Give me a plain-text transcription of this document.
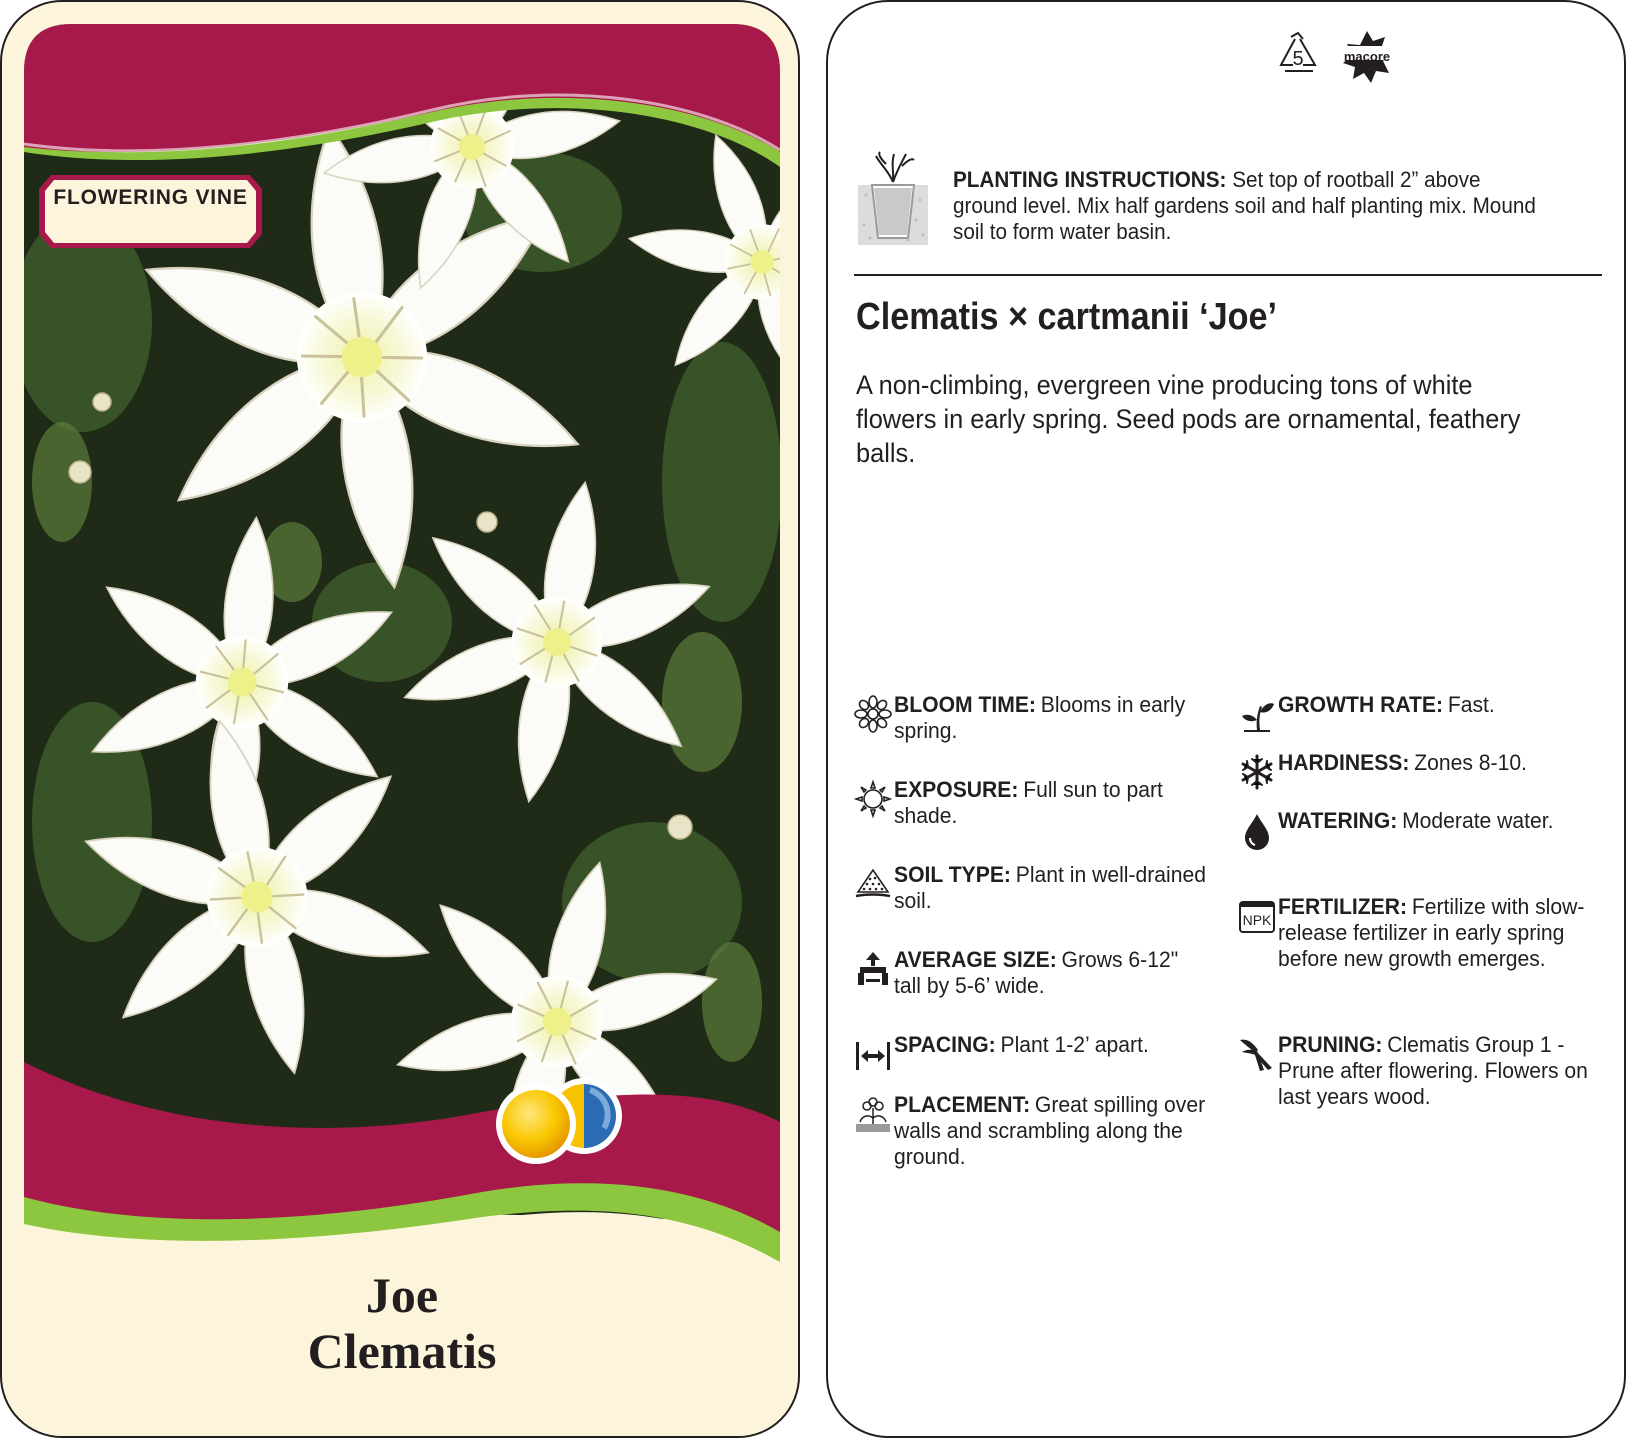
FLOWERING VINE
Joe
Clematis
5	macore
PLANTING INSTRUCTIONS: Set top of rootball 2” above ground level. Mix half gardens soil and half planting mix. Mound soil to form water basin.
Clematis × cartmanii ‘Joe’
A non-climbing, evergreen vine producing tons of white flowers in early spring. Seed pods are ornamental, feathery balls.
BLOOM TIME: Blooms in early spring.
EXPOSURE: Full sun to part shade.
SOIL TYPE: Plant in well-drained soil.
AVERAGE SIZE: Grows 6-12" tall by 5-6’ wide.
SPACING: Plant 1-2’ apart.
PLACEMENT: Great spilling over walls and scrambling along the ground.
GROWTH RATE: Fast.
HARDINESS: Zones 8-10.
WATERING: Moderate water.
NPK
FERTILIZER: Fertilize with slow-release fertilizer in early spring before new growth emerges.
PRUNING: Clematis Group 1 - Prune after flowering. Flowers on last years wood.
